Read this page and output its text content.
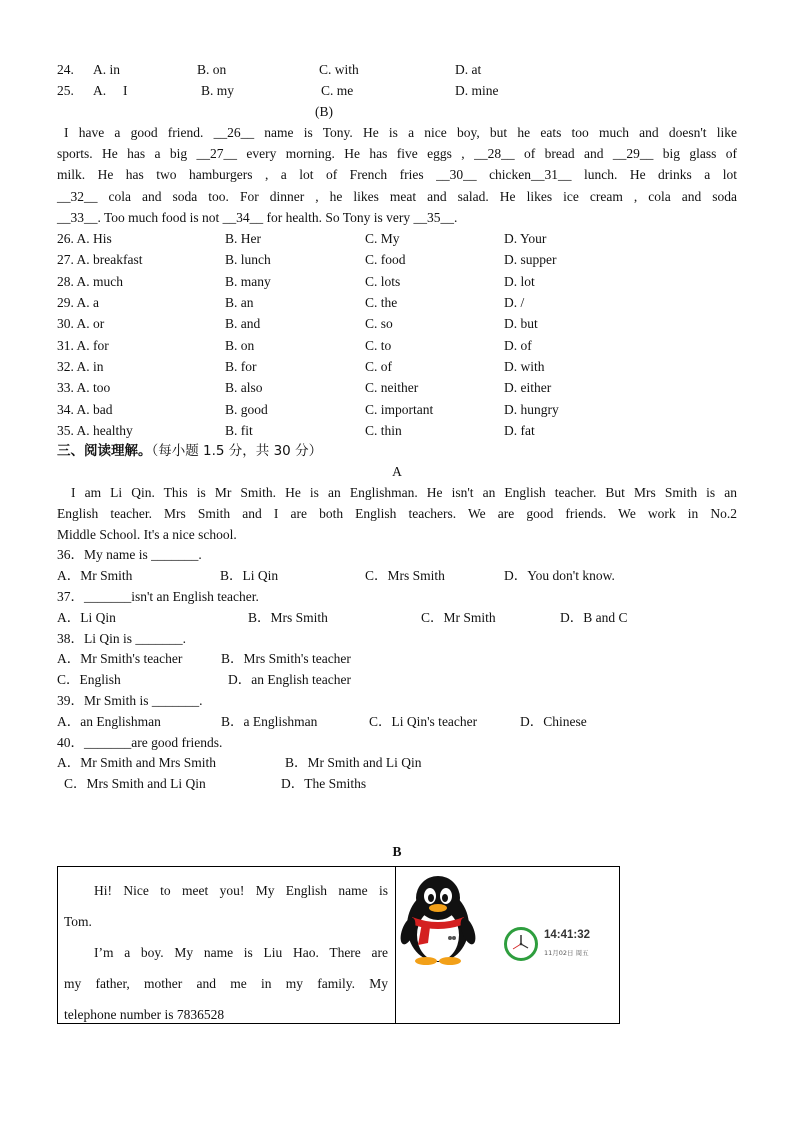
24. A. in	B. on	C. with	D. at
25. A. I	B. my	C. me	D. mine
(B)
I have a good friend. __26__ name is Tony. He is a nice boy, but he eats too much and doesn't like
sports. He has a big __27__ every morning. He has five eggs , __28__ of bread and __29__ big glass of
milk. He has two hamburgers , a lot of French fries __30__ chicken__31__ lunch. He drinks a lot
__32__ cola and soda too. For dinner , he likes meat and salad. He likes ice cream , cola and soda
__33__. Too much food is not __34__ for health. So Tony is very __35__.
26. A. His	B. Her	C. My	D. Your
27. A. breakfast	B. lunch	C. food	D. supper
28. A. much	B. many	C. lots	D. lot
29. A. a	B. an	C. the	D. /
30. A. or	B. and	C. so	D. but
31. A. for	B. on	C. to	D. of
32. A. in	B. for	C. of	D. with
33. A. too	B. also	C. neither	D. either
34. A. bad	B. good	C. important	D. hungry
35. A. healthy	B. fit	C. thin	D. fat
三、阅读理解。（每小题 1.5 分，共 30 分）
A
I am Li Qin. This is Mr Smith. He is an Englishman. He isn't an English teacher. But Mrs Smith is an
English teacher. Mrs Smith and I are both English teachers. We are good friends. We work in No.2
Middle School. It's a nice school.
36．My name is _______.
A．Mr Smith	B．Li Qin	C．Mrs Smith	D．You don't know.
37．_______isn't an English teacher.
A．Li Qin	B．Mrs Smith	C．Mr Smith	D．B and C
38．Li Qin is _______.
A．Mr Smith's teacher	B．Mrs Smith's teacher
C．English	D．an English teacher
39．Mr Smith is _______.
A．an Englishman	B．a Englishman	C．Li Qin's teacher	D．Chinese
40．_______are good friends.
A．Mr Smith and Mrs Smith	B．Mr Smith and Li Qin
C．Mrs Smith and Li Qin	D．The Smiths
B
Hi! Nice to meet you! My English name is
Tom.
I’m a boy. My name is Liu Hao. There are
my father, mother and me in my family. My
telephone number is 7836528
14:41:32
11月02日 周五
